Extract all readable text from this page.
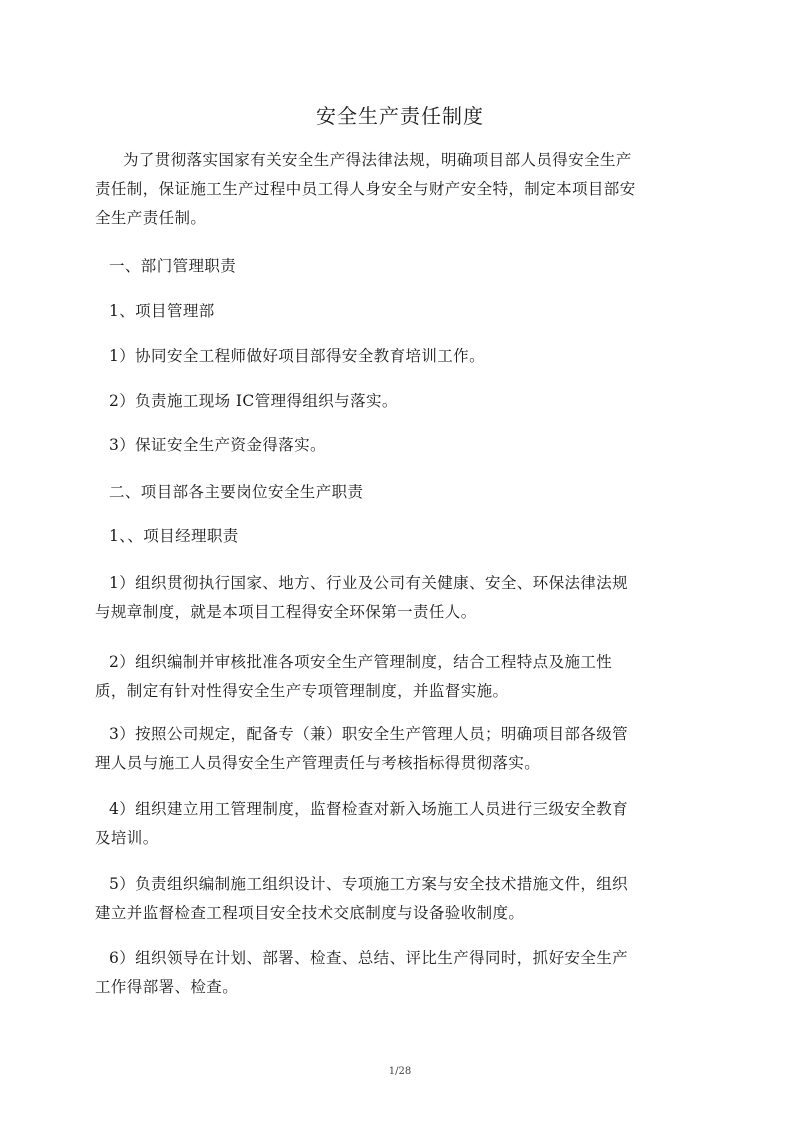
安全生产责任制度

为了贯彻落实国家有关安全生产得法律法规，明确项目部人员得安全生产
责任制，保证施工生产过程中员工得人身安全与财产安全特，制定本项目部安
全生产责任制。

一、部门管理职责

1、项目管理部

1）协同安全工程师做好项目部得安全教育培训工作。

2）负责施工现场 IC管理得组织与落实。

3）保证安全生产资金得落实。

二、项目部各主要岗位安全生产职责

1、、项目经理职责

1）组织贯彻执行国家、地方、行业及公司有关健康、安全、环保法律法规
与规章制度，就是本项目工程得安全环保第一责任人。

2）组织编制并审核批准各项安全生产管理制度，结合工程特点及施工性
质，制定有针对性得安全生产专项管理制度，并监督实施。

3）按照公司规定，配备专（兼）职安全生产管理人员；明确项目部各级管
理人员与施工人员得安全生产管理责任与考核指标得贯彻落实。

4）组织建立用工管理制度，监督检查对新入场施工人员进行三级安全教育
及培训。

5）负责组织编制施工组织设计、专项施工方案与安全技术措施文件，组织
建立并监督检查工程项目安全技术交底制度与设备验收制度。

6）组织领导在计划、部署、检查、总结、评比生产得同时，抓好安全生产
工作得部署、检查。

1/28
